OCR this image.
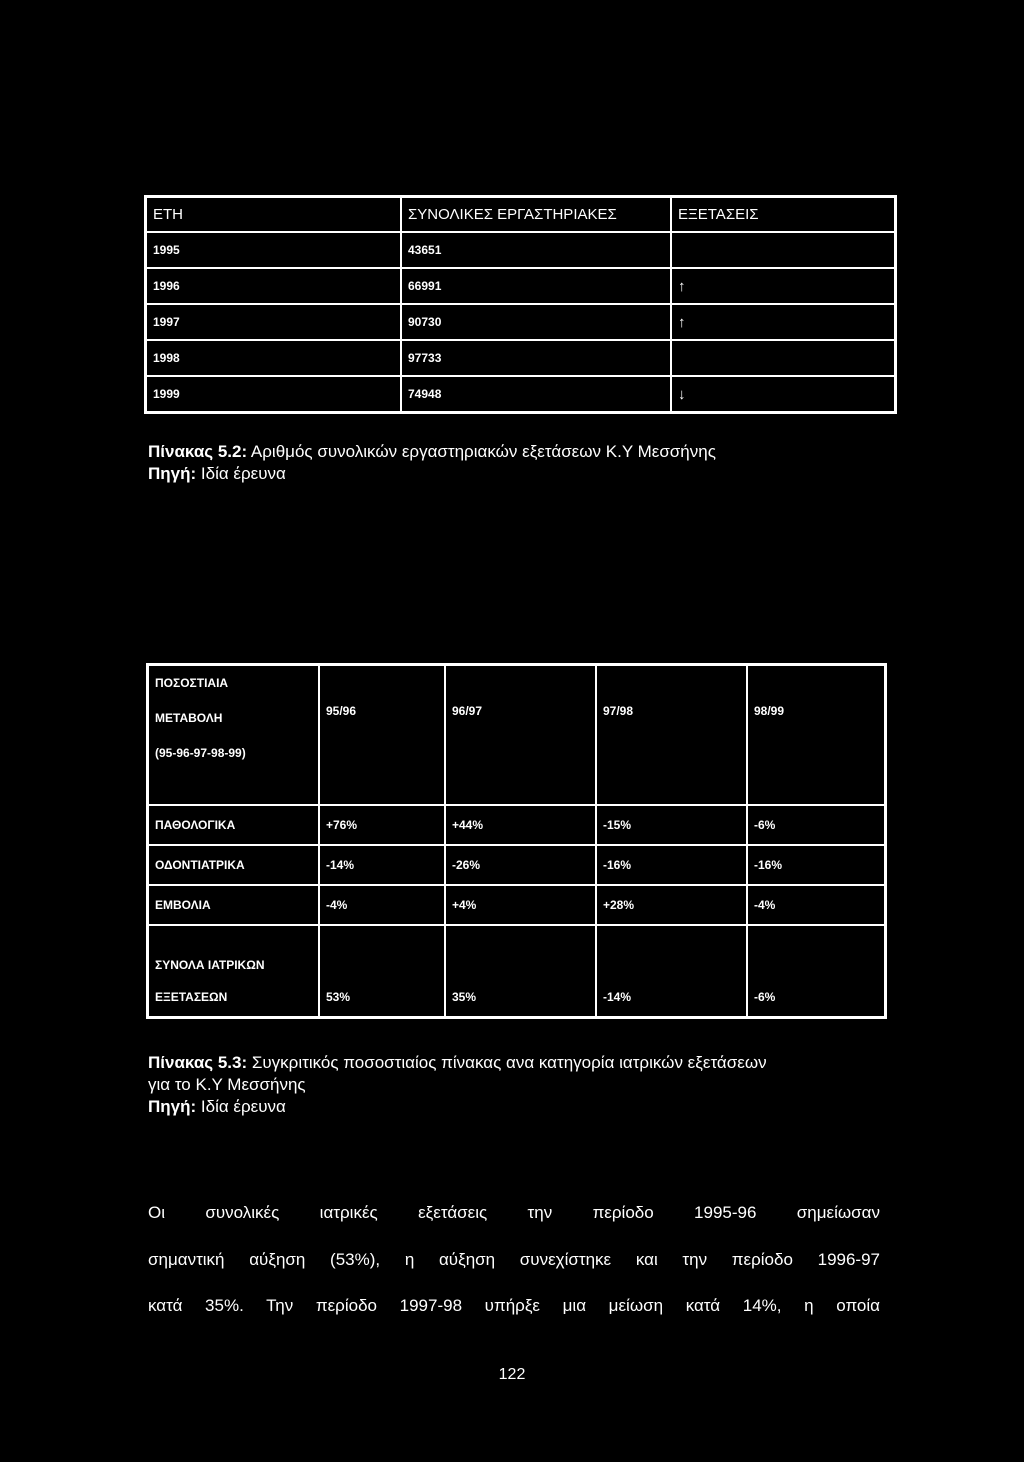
ΕΤΗ	ΣΥΝΟΛΙΚΕΣ ΕΡΓΑΣΤΗΡΙΑΚΕΣ	ΕΞΕΤΑΣΕΙΣ
1995	43651	
1996	66991	↑
1997	90730	↑
1998	97733	
1999	74948	↓
Πίνακας 5.2: Αριθμός συνολικών εργαστηριακών εξετάσεων Κ.Υ Μεσσήνης
Πηγή: Ιδία έρευνα
ΠΟΣΟΣΤΙΑΙΑ
ΜΕΤΑΒΟΛΗ
(95-96-97-98-99)	95/96	96/97	97/98	98/99

ΠΑΘΟΛΟΓΙΚΑ	+76%	+44%	-15%	-6%
ΟΔΟΝΤΙΑΤΡΙΚΑ	-14%	-26%	-16%	-16%
ΕΜΒΟΛΙΑ	-4%	+4%	+28%	-4%

ΣΥΝΟΛΑ ΙΑΤΡΙΚΩΝ
ΕΞΕΤΑΣΕΩΝ	53%	35%	-14%	-6%
Πίνακας 5.3: Συγκριτικός ποσοστιαίος πίνακας ανα κατηγορία ιατρικών εξετάσεων
για το Κ.Υ Μεσσήνης
Πηγή: Ιδία έρευνα
Οι συνολικές ιατρικές εξετάσεις την περίοδο 1995-96 σημείωσαν
σημαντική αύξηση (53%), η αύξηση συνεχίστηκε και την περίοδο 1996-97
κατά 35%. Την περίοδο 1997-98 υπήρξε μια μείωση κατά 14%, η οποία
122
